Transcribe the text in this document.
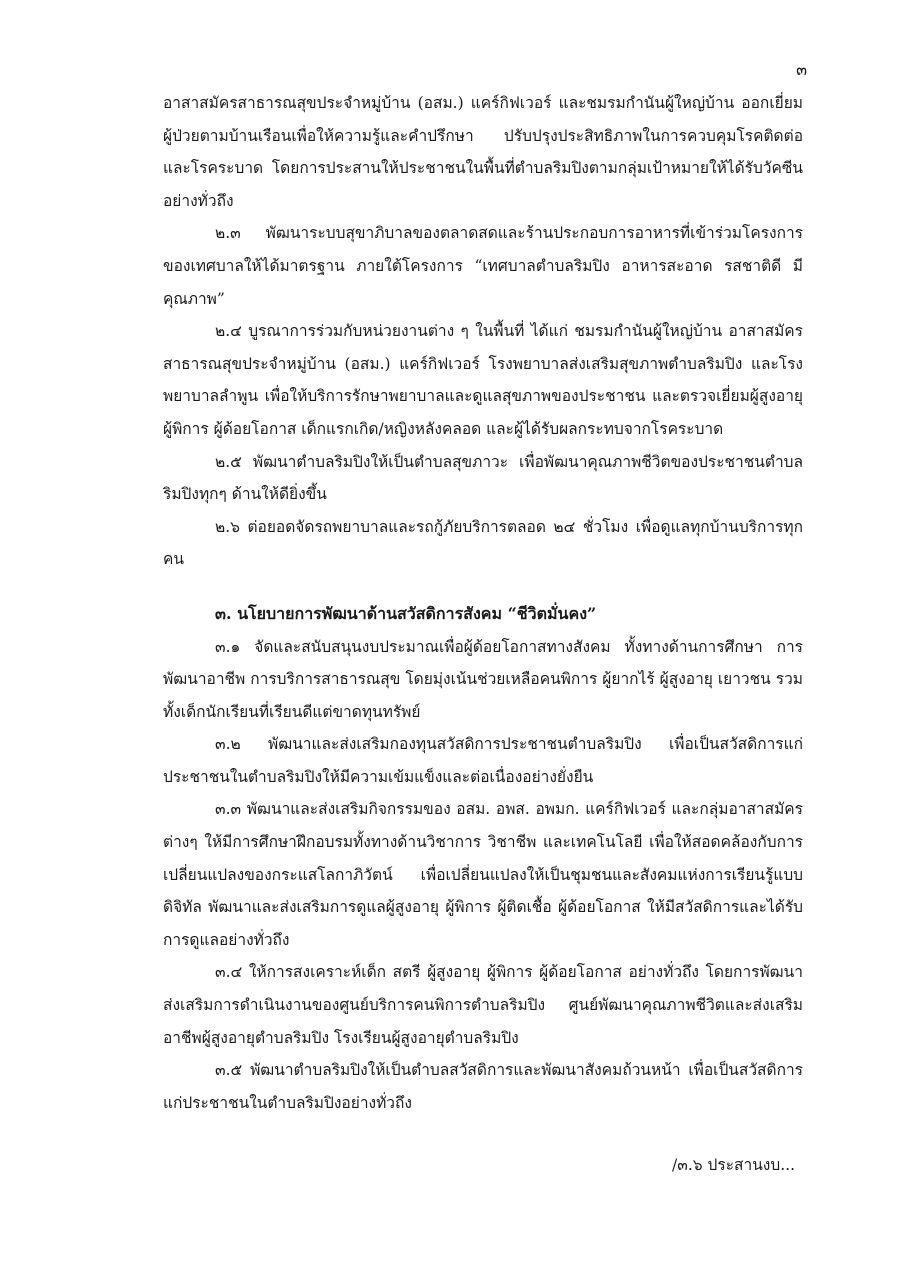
๓

อาสาสมัครสาธารณสุขประจำหมู่บ้าน (อสม.) แคร์กิฟเวอร์ และชมรมกำนันผู้ใหญ่บ้าน ออกเยี่ยมผู้ป่วยตามบ้านเรือนเพื่อให้ความรู้และคำปรึกษา ปรับปรุงประสิทธิภาพในการควบคุมโรคติดต่อและโรคระบาด โดยการประสานให้ประชาชนในพื้นที่ตำบลริมปิงตามกลุ่มเป้าหมายให้ได้รับวัคซีนอย่างทั่วถึง

๒.๓ พัฒนาระบบสุขาภิบาลของตลาดสดและร้านประกอบการอาหารที่เข้าร่วมโครงการของเทศบาลให้ได้มาตรฐาน ภายใต้โครงการ “เทศบาลตำบลริมปิง อาหารสะอาด รสชาติดี มีคุณภาพ”

๒.๔ บูรณาการร่วมกับหน่วยงานต่าง ๆ ในพื้นที่ ได้แก่ ชมรมกำนันผู้ใหญ่บ้าน อาสาสมัครสาธารณสุขประจำหมู่บ้าน (อสม.) แคร์กิฟเวอร์ โรงพยาบาลส่งเสริมสุขภาพตำบลริมปิง และโรงพยาบาลลำพูน เพื่อให้บริการรักษาพยาบาลและดูแลสุขภาพของประชาชน และตรวจเยี่ยมผู้สูงอายุ ผู้พิการ ผู้ด้อยโอกาส เด็กแรกเกิด/หญิงหลังคลอด และผู้ได้รับผลกระทบจากโรคระบาด

๒.๕ พัฒนาตำบลริมปิงให้เป็นตำบลสุขภาวะ เพื่อพัฒนาคุณภาพชีวิตของประชาชนตำบลริมปิงทุกๆ ด้านให้ดียิ่งขึ้น

๒.๖ ต่อยอดจัดรถพยาบาลและรถกู้ภัยบริการตลอด ๒๔ ชั่วโมง เพื่อดูแลทุกบ้านบริการทุกคน

๓. นโยบายการพัฒนาด้านสวัสดิการสังคม “ชีวิตมั่นคง”

๓.๑ จัดและสนับสนุนงบประมาณเพื่อผู้ด้อยโอกาสทางสังคม ทั้งทางด้านการศึกษา การพัฒนาอาชีพ การบริการสาธารณสุข โดยมุ่งเน้นช่วยเหลือคนพิการ ผู้ยากไร้ ผู้สูงอายุ เยาวชน รวมทั้งเด็กนักเรียนที่เรียนดีแต่ขาดทุนทรัพย์

๓.๒ พัฒนาและส่งเสริมกองทุนสวัสดิการประชาชนตำบลริมปิง เพื่อเป็นสวัสดิการแก่ประชาชนในตำบลริมปิงให้มีความเข้มแข็งและต่อเนื่องอย่างยั่งยืน

๓.๓ พัฒนาและส่งเสริมกิจกรรมของ อสม. อพส. อพมก. แคร์กิฟเวอร์ และกลุ่มอาสาสมัครต่างๆ ให้มีการศึกษาฝึกอบรมทั้งทางด้านวิชาการ วิชาชีพ และเทคโนโลยี เพื่อให้สอดคล้องกับการเปลี่ยนแปลงของกระแสโลกาภิวัตน์ เพื่อเปลี่ยนแปลงให้เป็นชุมชนและสังคมแห่งการเรียนรู้แบบดิจิทัล พัฒนาและส่งเสริมการดูแลผู้สูงอายุ ผู้พิการ ผู้ติดเชื้อ ผู้ด้อยโอกาส ให้มีสวัสดิการและได้รับการดูแลอย่างทั่วถึง

๓.๔ ให้การสงเคราะห์เด็ก สตรี ผู้สูงอายุ ผู้พิการ ผู้ด้อยโอกาส อย่างทั่วถึง โดยการพัฒนาส่งเสริมการดำเนินงานของศูนย์บริการคนพิการตำบลริมปิง ศูนย์พัฒนาคุณภาพชีวิตและส่งเสริมอาชีพผู้สูงอายุตำบลริมปิง โรงเรียนผู้สูงอายุตำบลริมปิง

๓.๕ พัฒนาตำบลริมปิงให้เป็นตำบลสวัสดิการและพัฒนาสังคมถ้วนหน้า เพื่อเป็นสวัสดิการแก่ประชาชนในตำบลริมปิงอย่างทั่วถึง

/๓.๖ ประสานงบ...
